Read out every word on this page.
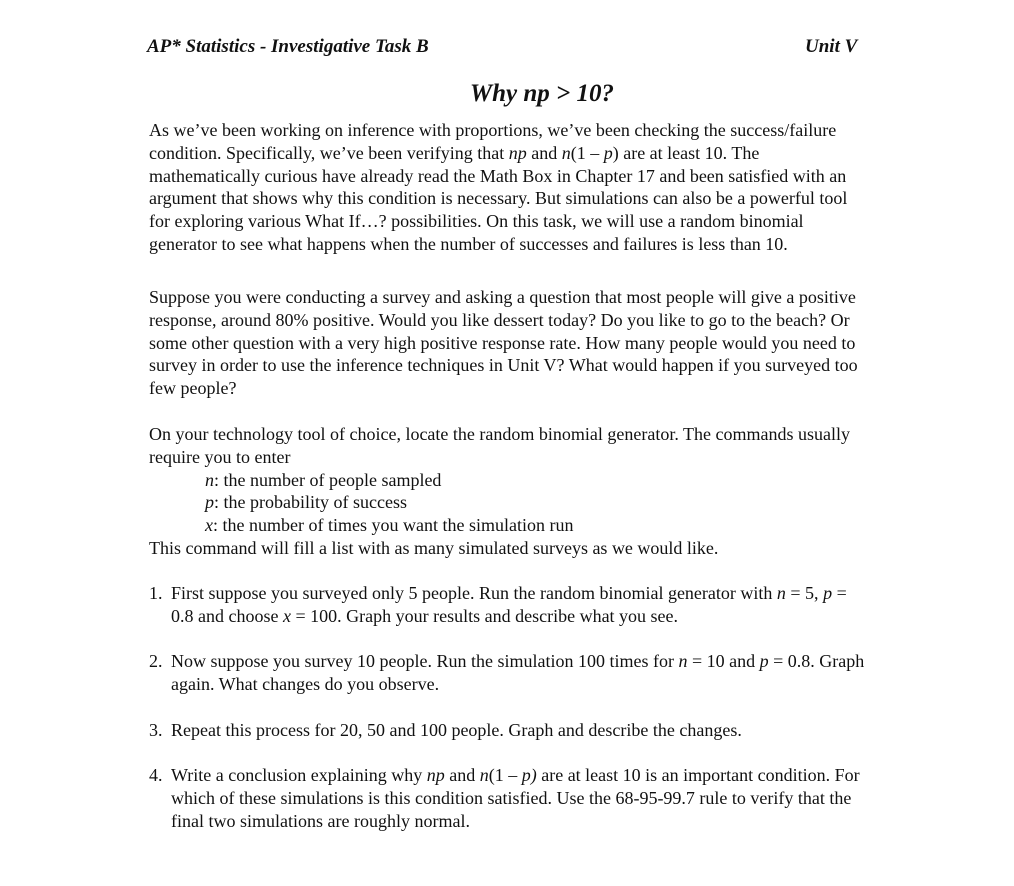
AP* Statistics - Investigative Task B	Unit V
Why np > 10?
As we’ve been working on inference with proportions, we’ve been checking the success/failure
condition. Specifically, we’ve been verifying that np and n(1 – p) are at least 10. The
mathematically curious have already read the Math Box in Chapter 17 and been satisfied with an
argument that shows why this condition is necessary. But simulations can also be a powerful tool
for exploring various What If…? possibilities. On this task, we will use a random binomial
generator to see what happens when the number of successes and failures is less than 10.
Suppose you were conducting a survey and asking a question that most people will give a positive
response, around 80% positive. Would you like dessert today? Do you like to go to the beach? Or
some other question with a very high positive response rate. How many people would you need to
survey in order to use the inference techniques in Unit V? What would happen if you surveyed too
few people?
On your technology tool of choice, locate the random binomial generator. The commands usually
require you to enter
n: the number of people sampled
p: the probability of success
x: the number of times you want the simulation run
This command will fill a list with as many simulated surveys as we would like.
1. First suppose you surveyed only 5 people. Run the random binomial generator with n = 5, p =
0.8 and choose x = 100. Graph your results and describe what you see.
2. Now suppose you survey 10 people. Run the simulation 100 times for n = 10 and p = 0.8. Graph
again. What changes do you observe.
3. Repeat this process for 20, 50 and 100 people. Graph and describe the changes.
4. Write a conclusion explaining why np and n(1 – p) are at least 10 is an important condition. For
which of these simulations is this condition satisfied. Use the 68-95-99.7 rule to verify that the
final two simulations are roughly normal.
